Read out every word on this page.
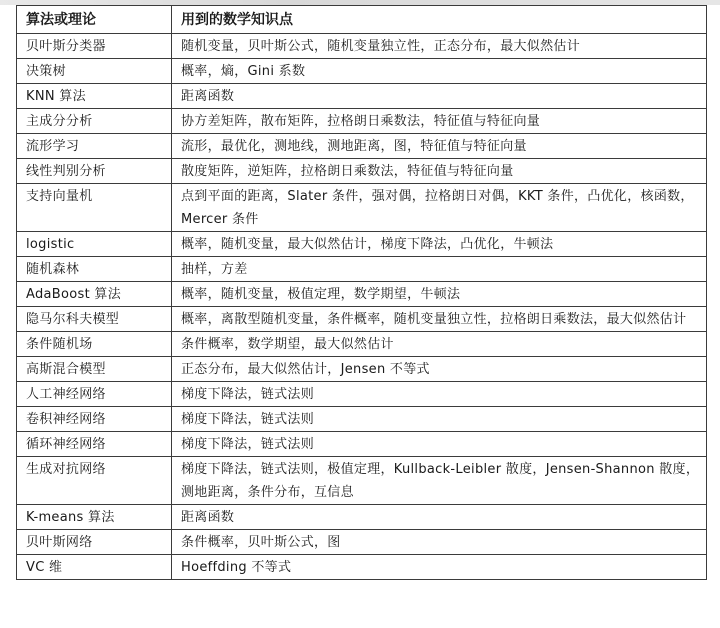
算法或理论	用到的数学知识点
贝叶斯分类器	随机变量，贝叶斯公式，随机变量独立性，正态分布，最大似然估计
决策树	概率，熵，Gini 系数
KNN 算法	距离函数
主成分分析	协方差矩阵，散布矩阵，拉格朗日乘数法，特征值与特征向量
流形学习	流形，最优化，测地线，测地距离，图，特征值与特征向量
线性判别分析	散度矩阵，逆矩阵，拉格朗日乘数法，特征值与特征向量
支持向量机	点到平面的距离，Slater 条件，强对偶，拉格朗日对偶，KKT 条件，凸优化，核函数，Mercer 条件
logistic	概率，随机变量，最大似然估计，梯度下降法，凸优化，牛顿法
随机森林	抽样，方差
AdaBoost 算法	概率，随机变量，极值定理，数学期望，牛顿法
隐马尔科夫模型	概率，离散型随机变量，条件概率，随机变量独立性，拉格朗日乘数法，最大似然估计
条件随机场	条件概率，数学期望，最大似然估计
高斯混合模型	正态分布，最大似然估计，Jensen 不等式
人工神经网络	梯度下降法，链式法则
卷积神经网络	梯度下降法，链式法则
循环神经网络	梯度下降法，链式法则
生成对抗网络	梯度下降法，链式法则，极值定理，Kullback-Leibler 散度，Jensen-Shannon 散度，测地距离，条件分布，互信息
K-means 算法	距离函数
贝叶斯网络	条件概率，贝叶斯公式，图
VC 维	Hoeffding 不等式
